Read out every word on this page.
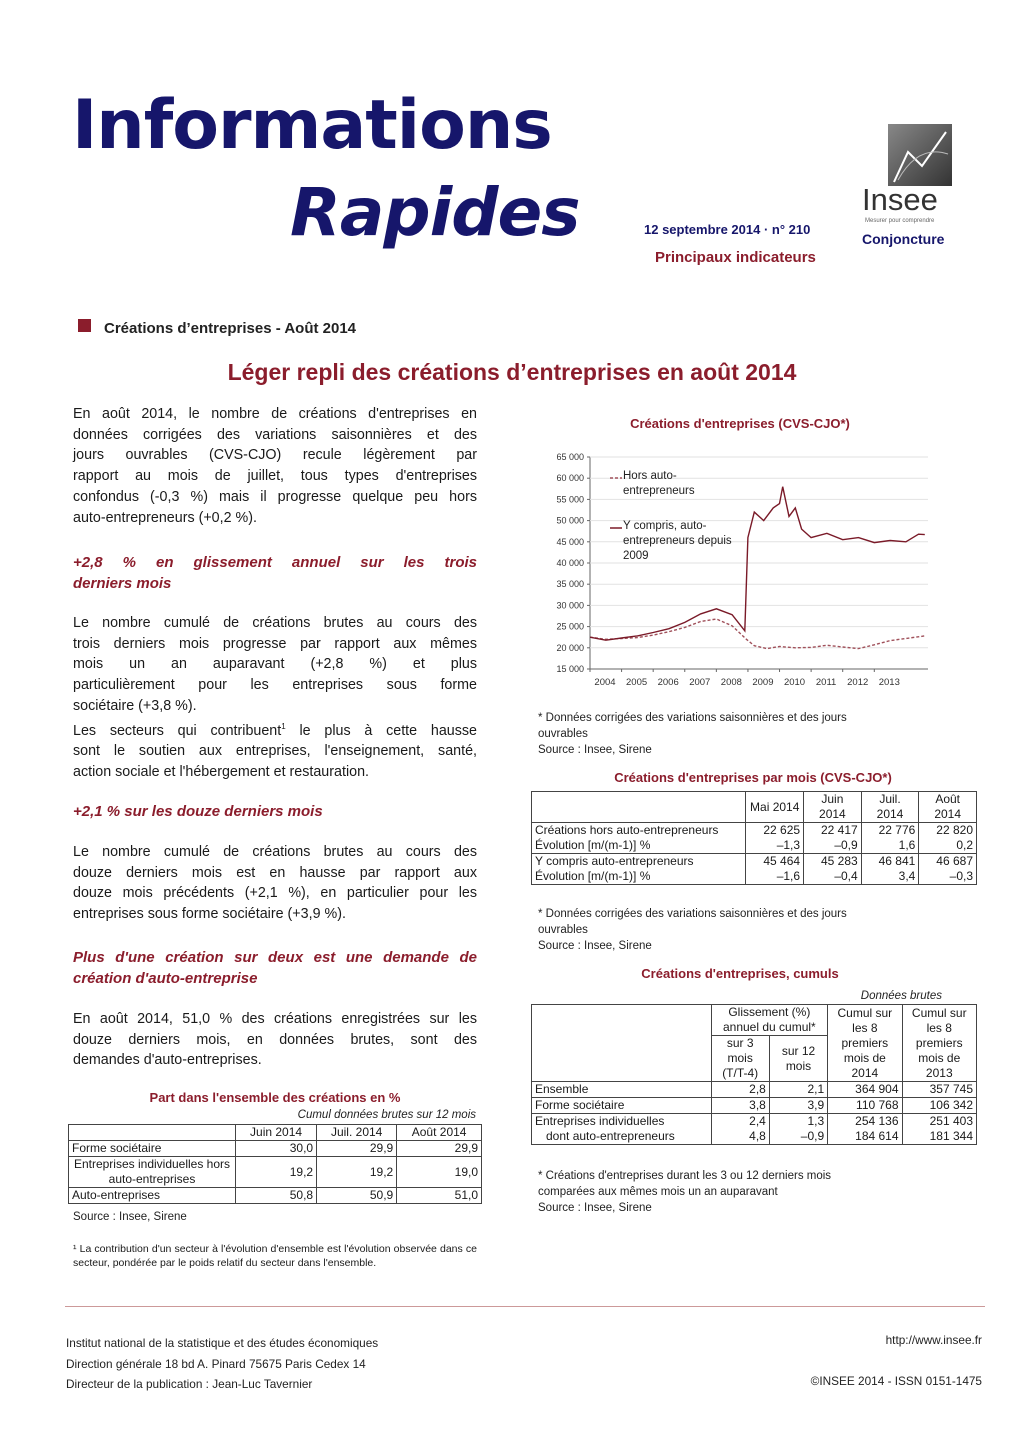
Informations
Rapides	12 septembre 2014 · n° 210
Principaux indicateurs
Insee
Mesurer pour comprendre
Conjoncture
Créations d’entreprises - Août 2014
Léger repli des créations d’entreprises en août 2014
En août 2014, le nombre de créations d'entreprises en
données corrigées des variations saisonnières et des
jours ouvrables (CVS-CJO) recule légèrement par
rapport au mois de juillet, tous types d'entreprises
confondus (-0,3 %) mais il progresse quelque peu hors
auto-entrepreneurs (+0,2 %).
+2,8 % en glissement annuel sur les trois
derniers mois
Le nombre cumulé de créations brutes au cours des
trois derniers mois progresse par rapport aux mêmes
mois un an auparavant (+2,8 %) et plus
particulièrement pour les entreprises sous forme
sociétaire (+3,8 %).
Les secteurs qui contribuent$^1$ le plus à cette hausse
sont le soutien aux entreprises, l'enseignement, santé,
action sociale et l'hébergement et restauration.
+2,1 % sur les douze derniers mois
Le nombre cumulé de créations brutes au cours des
douze derniers mois est en hausse par rapport aux
douze mois précédents (+2,1 %), en particulier pour les
entreprises sous forme sociétaire (+3,9 %).
Plus d'une création sur deux est une demande de
création d'auto-entreprise
En août 2014, 51,0 % des créations enregistrées sur les
douze derniers mois, en données brutes, sont des
demandes d'auto-entreprises.
Part dans l'ensemble des créations en %
Cumul données brutes sur 12 mois
	Juin 2014	Juil. 2014	Août 2014
Forme sociétaire	30,0	29,9	29,9
Entreprises individuelles hors auto-entreprises	19,2	19,2	19,0
Auto-entreprises	50,8	50,9	51,0
Source : Insee, Sirene
¹ La contribution d'un secteur à l'évolution d'ensemble est l'évolution observée dans ce secteur, pondérée par le poids relatif du secteur dans l'ensemble.
Créations d'entreprises (CVS-CJO*)
15 000
20 000
25 000
30 000
35 000
40 000
45 000
50 000
55 000
60 000
65 000
2004 2005 2006 2007 2008 2009 2010 2011 2012 2013
Hors auto-entrepreneurs
Y compris, auto-entrepreneurs depuis 2009
* Données corrigées des variations saisonnières et des jours
ouvrables
Source : Insee, Sirene
Créations d'entreprises par mois (CVS-CJO*)
	Mai 2014	Juin 2014	Juil. 2014	Août 2014
Créations hors auto-entrepreneurs	22 625	22 417	22 776	22 820
Évolution [m/(m-1)] %	–1,3	–0,9	1,6	0,2
Y compris auto-entrepreneurs	45 464	45 283	46 841	46 687
Évolution [m/(m-1)] %	–1,6	–0,4	3,4	–0,3
* Données corrigées des variations saisonnières et des jours
ouvrables
Source : Insee, Sirene
Créations d'entreprises, cumuls
Données brutes
	Glissement (%) annuel du cumul*		Cumul sur les 8 premiers mois de 2014	Cumul sur les 8 premiers mois de 2013
	sur 3 mois (T/T-4)	sur 12 mois		
Ensemble	2,8	2,1	364 904	357 745
Forme sociétaire	3,8	3,9	110 768	106 342
Entreprises individuelles	2,4	1,3	254 136	251 403
dont auto-entrepreneurs	4,8	–0,9	184 614	181 344
* Créations d'entreprises durant les 3 ou 12 derniers mois
comparées aux mêmes mois un an auparavant
Source : Insee, Sirene
Institut national de la statistique et des études économiques
Direction générale 18 bd A. Pinard 75675 Paris Cedex 14
Directeur de la publication : Jean-Luc Tavernier
http://www.insee.fr
©INSEE 2014 - ISSN 0151-1475
